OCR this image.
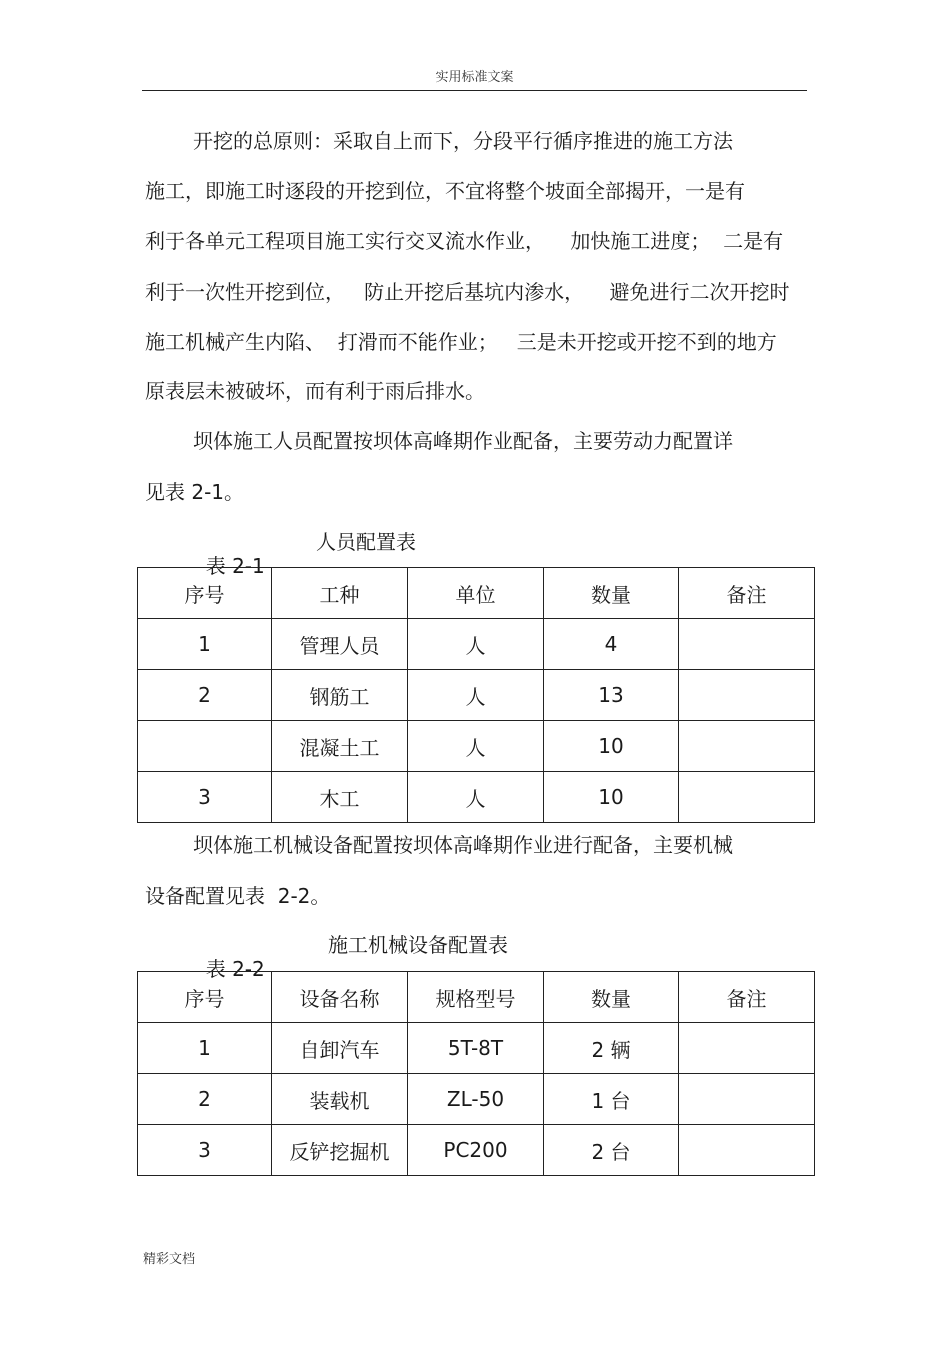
实用标准文案
开挖的总原则：采取自上而下，分段平行循序推进的施工方法
施工，即施工时逐段的开挖到位，不宜将整个坡面全部揭开，一是有
利于各单元工程项目施工实行交叉流水作业，    加快施工进度；  二是有
利于一次性开挖到位，   防止开挖后基坑内渗水，    避免进行二次开挖时
施工机械产生内陷、  打滑而不能作业；   三是未开挖或开挖不到的地方
原表层未被破坏，而有利于雨后排水。
坝体施工人员配置按坝体高峰期作业配备，主要劳动力配置详
见表 2-1。

表 2-1

人员配置表

序号	工种	单位	数量	备注
1	管理人员	人	4	
2	钢筋工	人	13	
	混凝土工	人	10	
3	木工	人	10	
坝体施工机械设备配置按坝体高峰期作业进行配备，主要机械
设备配置见表  2-2。

表 2-2

施工机械设备配置表

序号	设备名称	规格型号	数量	备注
1	自卸汽车	5T-8T	2 辆	
2	装载机	ZL-50	1 台	
3	反铲挖掘机	PC200	2 台	
精彩文档
